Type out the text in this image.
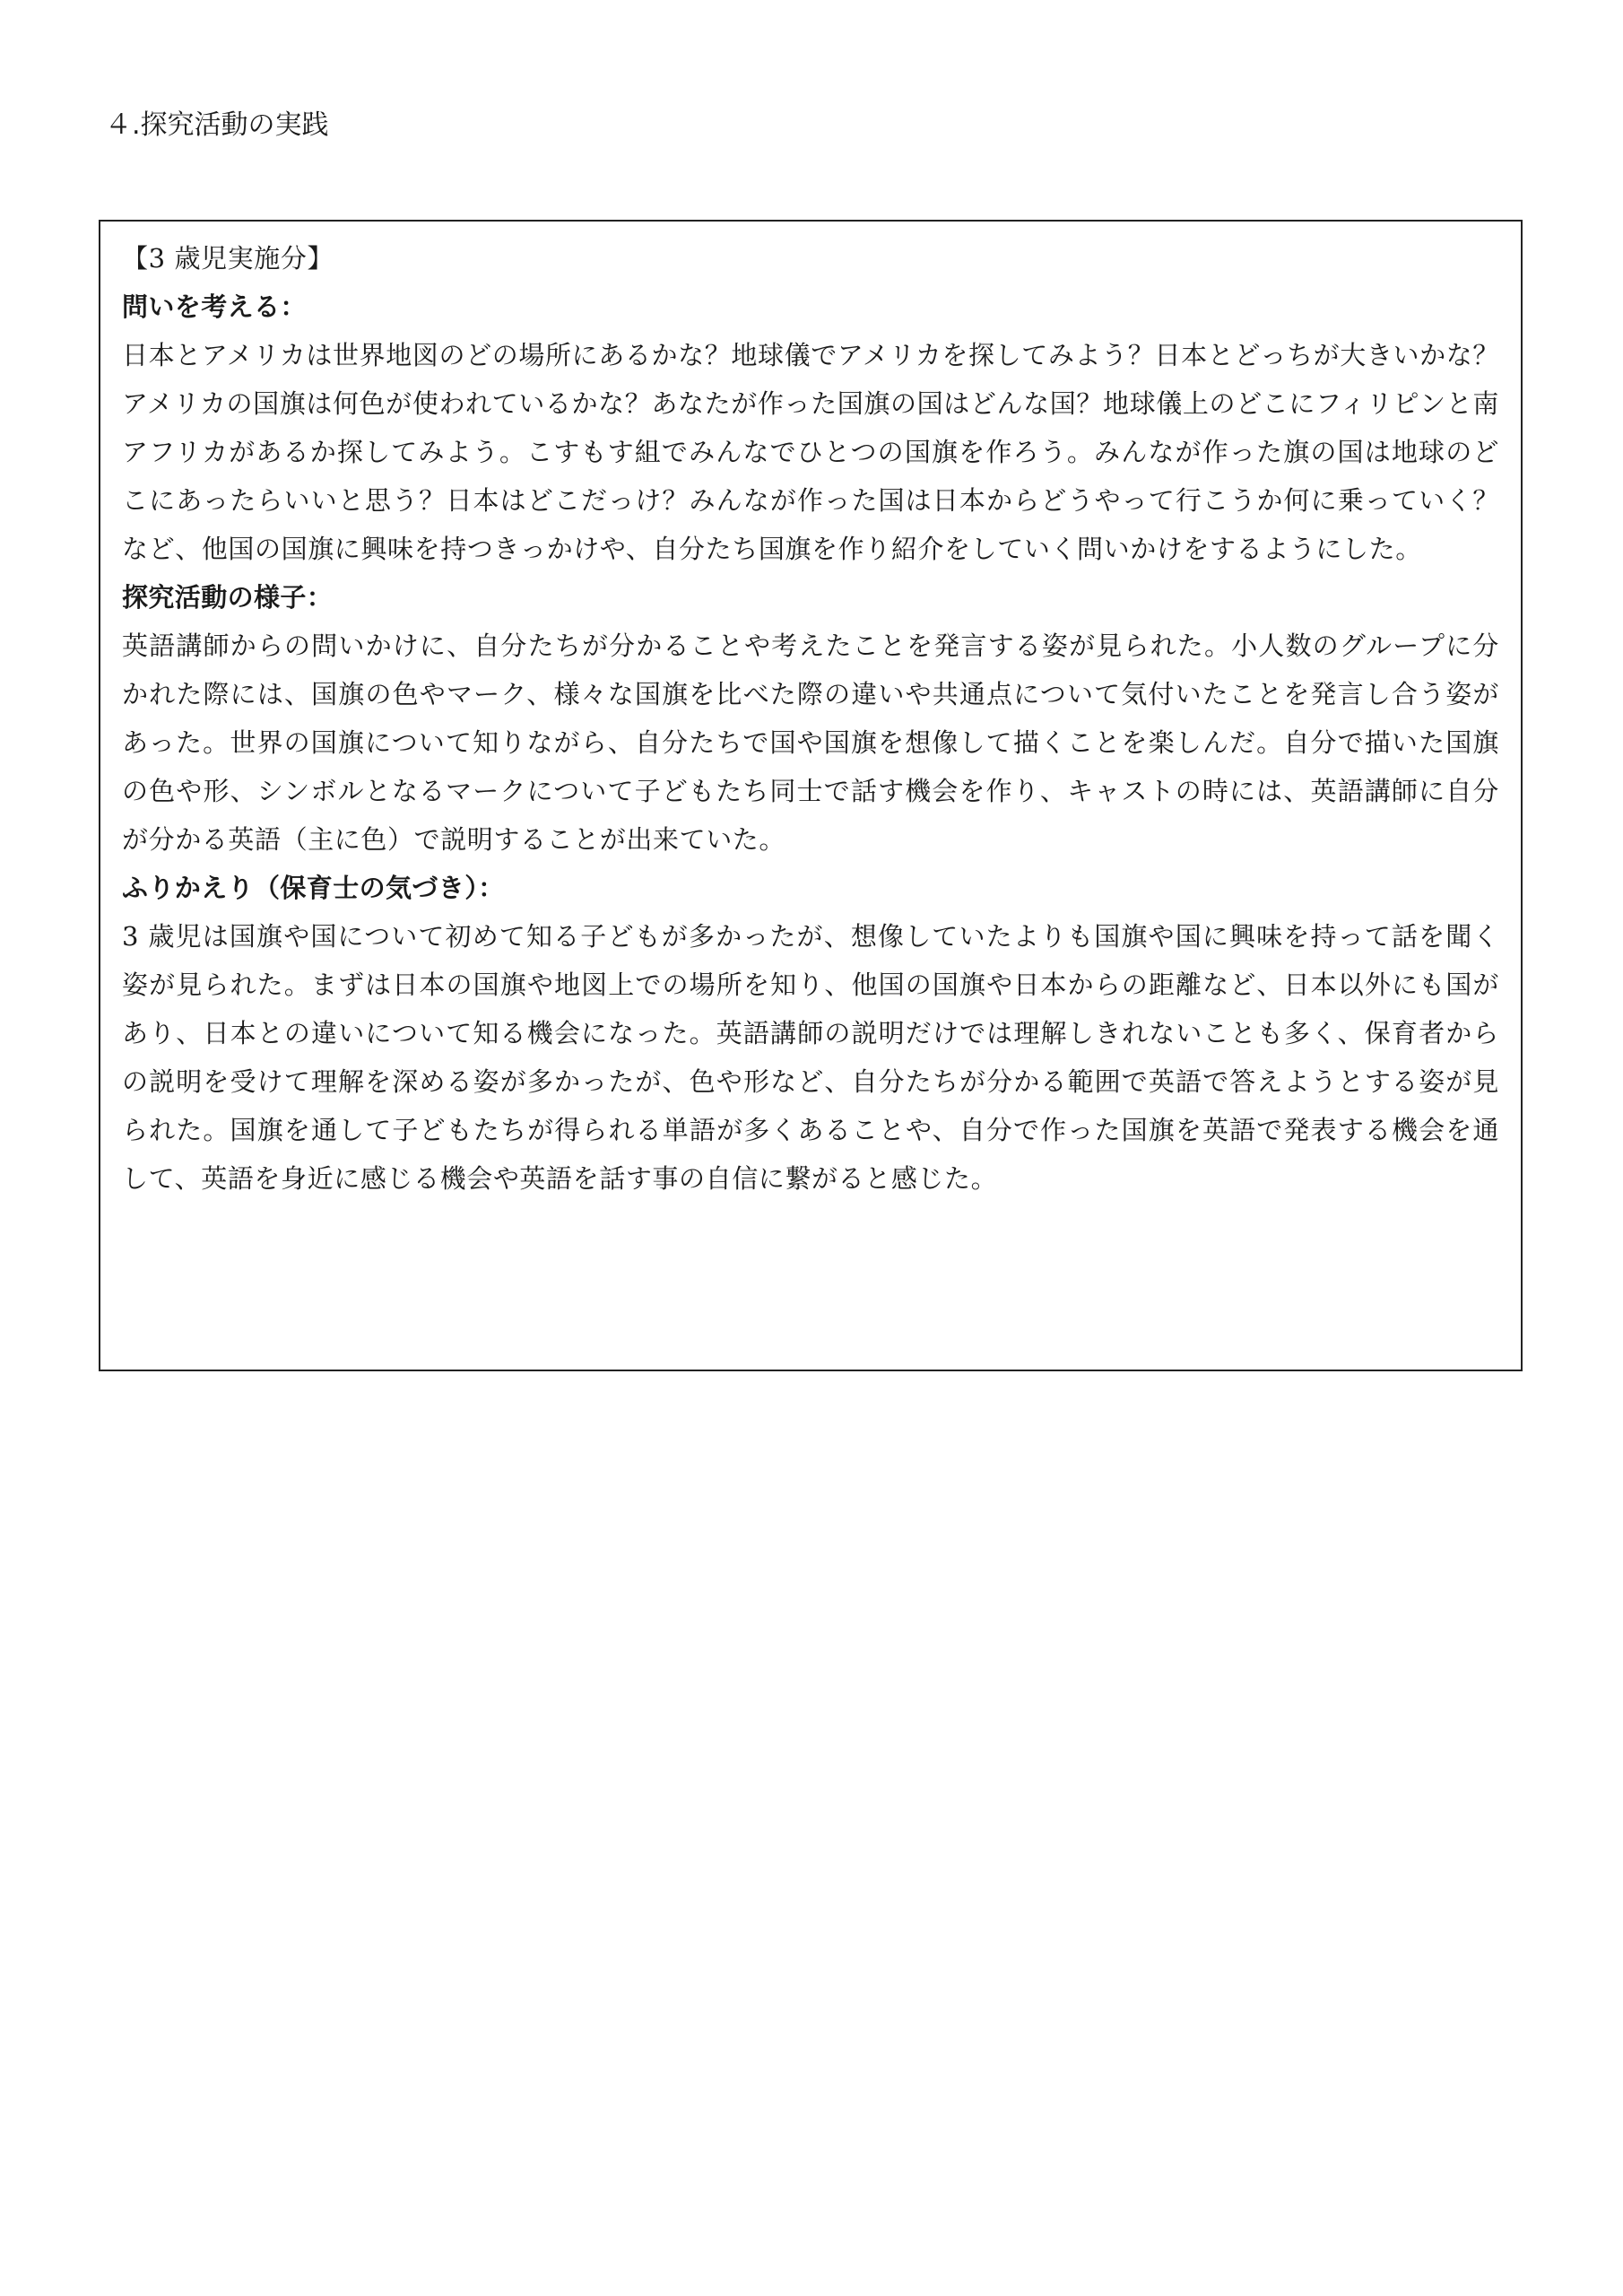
４.探究活動の実践

【3 歳児実施分】

問いを考える：

日本とアメリカは世界地図のどの場所にあるかな？地球儀でアメリカを探してみよう？日本とどっちが大きいかな？アメリカの国旗は何色が使われているかな？あなたが作った国旗の国はどんな国？地球儀上のどこにフィリピンと南アフリカがあるか探してみよう。こすもす組でみんなでひとつの国旗を作ろう。みんなが作った旗の国は地球のどこにあったらいいと思う？日本はどこだっけ？みんなが作った国は日本からどうやって行こうか何に乗っていく？など、他国の国旗に興味を持つきっかけや、自分たち国旗を作り紹介をしていく問いかけをするようにした。

探究活動の様子：

英語講師からの問いかけに、自分たちが分かることや考えたことを発言する姿が見られた。小人数のグループに分かれた際には、国旗の色やマーク、様々な国旗を比べた際の違いや共通点について気付いたことを発言し合う姿があった。世界の国旗について知りながら、自分たちで国や国旗を想像して描くことを楽しんだ。自分で描いた国旗の色や形、シンボルとなるマークについて子どもたち同士で話す機会を作り、キャストの時には、英語講師に自分が分かる英語（主に色）で説明することが出来ていた。

ふりかえり（保育士の気づき）：

3 歳児は国旗や国について初めて知る子どもが多かったが、想像していたよりも国旗や国に興味を持って話を聞く姿が見られた。まずは日本の国旗や地図上での場所を知り、他国の国旗や日本からの距離など、日本以外にも国があり、日本との違いについて知る機会になった。英語講師の説明だけでは理解しきれないことも多く、保育者からの説明を受けて理解を深める姿が多かったが、色や形など、自分たちが分かる範囲で英語で答えようとする姿が見られた。国旗を通して子どもたちが得られる単語が多くあることや、自分で作った国旗を英語で発表する機会を通して、英語を身近に感じる機会や英語を話す事の自信に繋がると感じた。
